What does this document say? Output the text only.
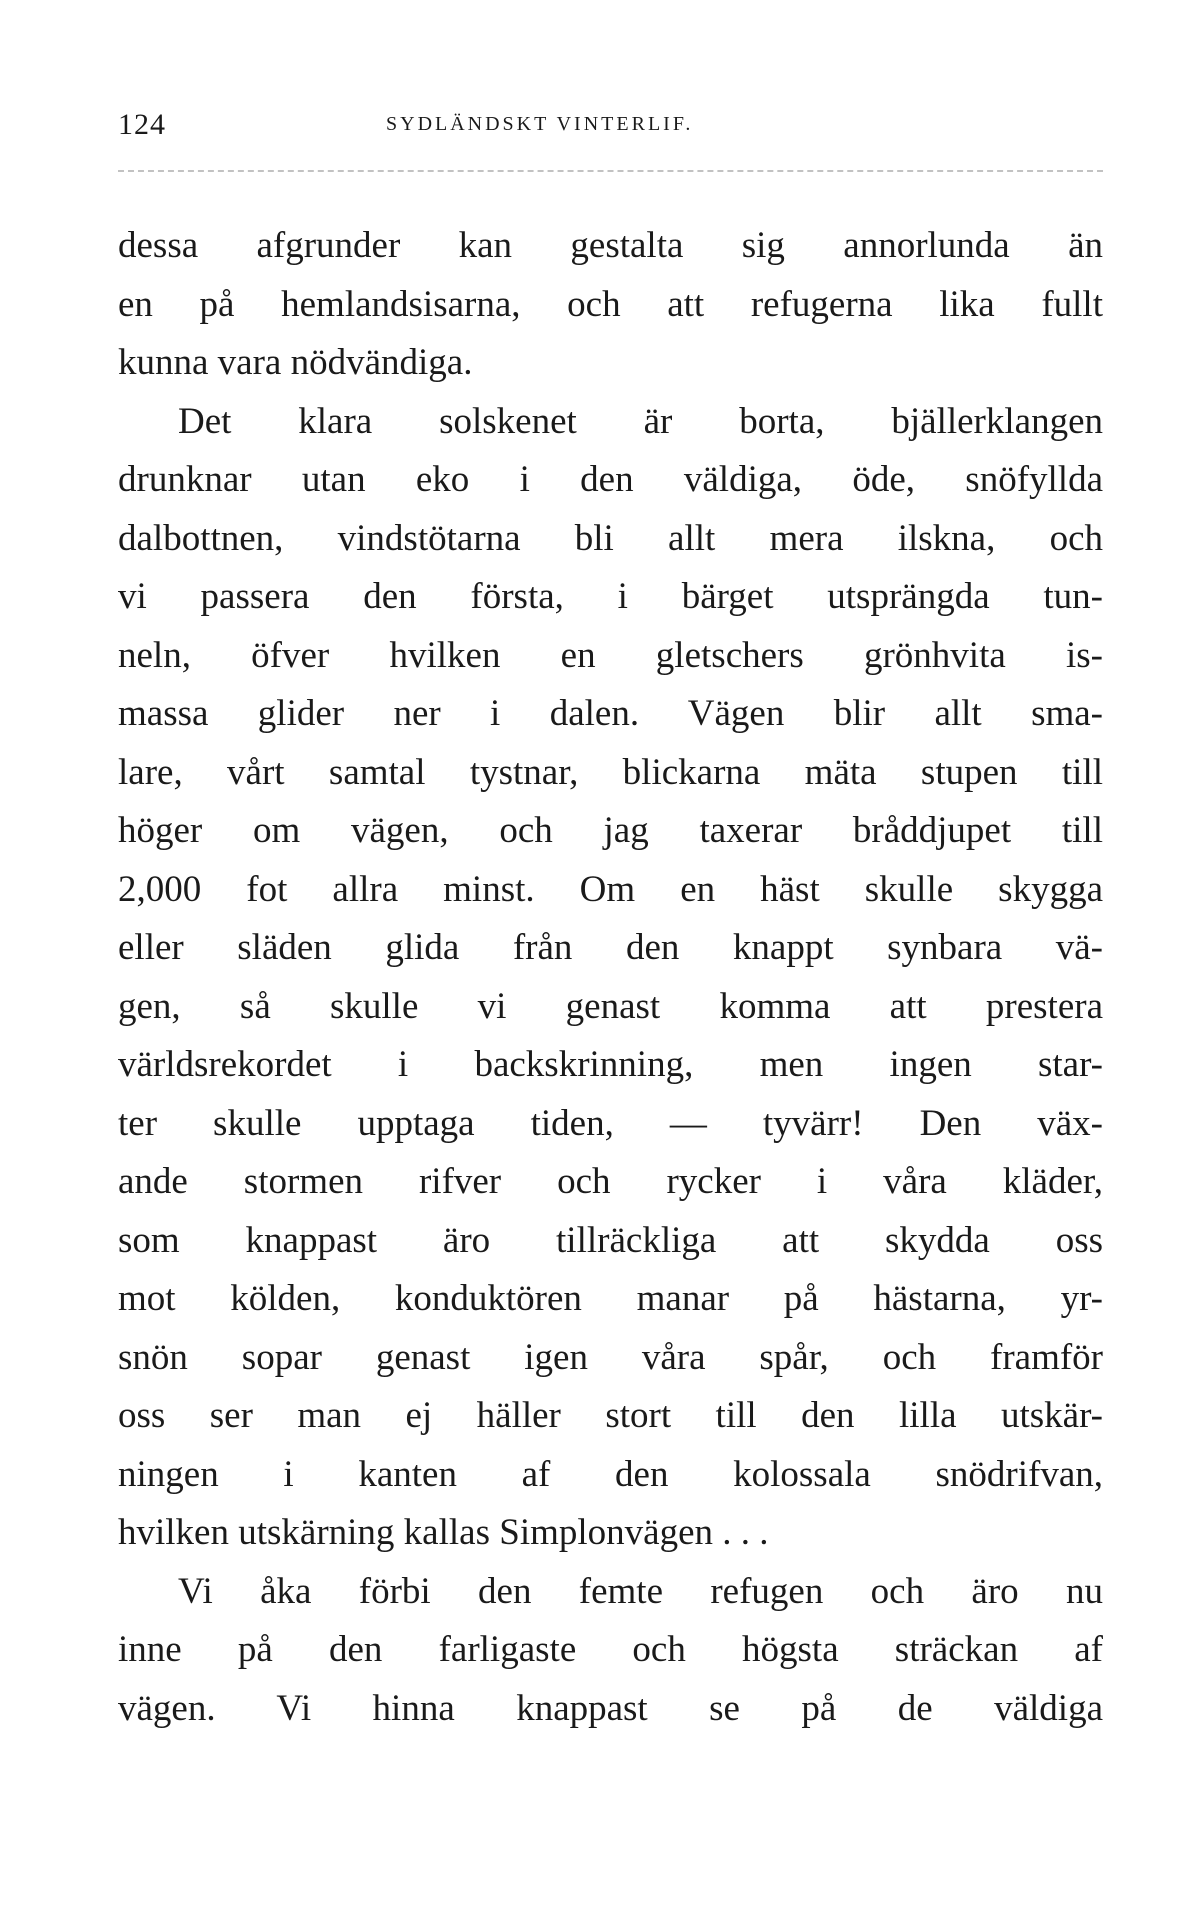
124	SYDLÄNDSKT VINTERLIF.
dessa afgrunder kan gestalta sig annorlunda än
en på hemlandsisarna, och att refugerna lika fullt
kunna vara nödvändiga.
Det klara solskenet är borta, bjällerklangen
drunknar utan eko i den väldiga, öde, snöfyllda
dalbottnen, vindstötarna bli allt mera ilskna, och
vi passera den första, i bärget utsprängda tun-
neln, öfver hvilken en gletschers grönhvita is-
massa glider ner i dalen. Vägen blir allt sma-
lare, vårt samtal tystnar, blickarna mäta stupen till
höger om vägen, och jag taxerar bråddjupet till
2,000 fot allra minst. Om en häst skulle skygga
eller släden glida från den knappt synbara vä-
gen, så skulle vi genast komma att prestera
världsrekordet i backskrinning, men ingen star-
ter skulle upptaga tiden, — tyvärr! Den väx-
ande stormen rifver och rycker i våra kläder,
som knappast äro tillräckliga att skydda oss
mot kölden, konduktören manar på hästarna, yr-
snön sopar genast igen våra spår, och framför
oss ser man ej häller stort till den lilla utskär-
ningen i kanten af den kolossala snödrifvan,
hvilken utskärning kallas Simplonvägen . . .
Vi åka förbi den femte refugen och äro nu
inne på den farligaste och högsta sträckan af
vägen. Vi hinna knappast se på de väldiga
